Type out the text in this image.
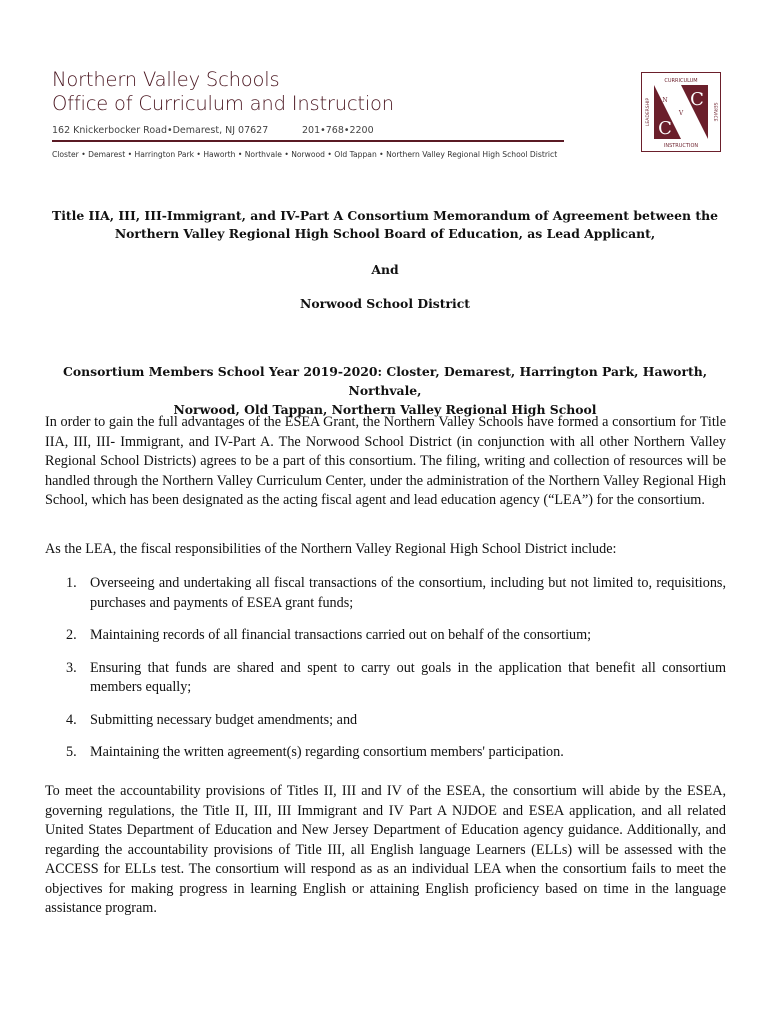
Northern Valley Schools
Office of Curriculum and Instruction
162 Knickerbocker Road•Demarest, NJ 07627	201•768•2200
Closter • Demarest • Harrington Park • Haworth • Northvale • Norwood • Old Tappan • Northern Valley Regional High School District
CURRICULUM
INSTRUCTION
LEADERSHIP	SERVICE
N C
V
C	S
Title IIA, III, III-Immigrant, and IV-Part A Consortium Memorandum of Agreement between the
Northern Valley Regional High School Board of Education, as Lead Applicant,
And
Norwood School District
Consortium Members School Year 2019-2020: Closter, Demarest, Harrington Park, Haworth, Northvale,
Norwood, Old Tappan, Northern Valley Regional High School

In order to gain the full advantages of the ESEA Grant, the Northern Valley Schools have formed a consortium for Title IIA, III, III- Immigrant, and IV-Part A. The Norwood School District (in conjunction with all other Northern Valley Regional School Districts) agrees to be a part of this consortium. The filing, writing and collection of resources will be handled through the Northern Valley Curriculum Center, under the administration of the Northern Valley Regional High School, which has been designated as the acting fiscal agent and lead education agency (“LEA”) for the consortium.

As the LEA, the fiscal responsibilities of the Northern Valley Regional High School District include:

1. Overseeing and undertaking all fiscal transactions of the consortium, including but not limited to, requisitions, purchases and payments of ESEA grant funds;
2. Maintaining records of all financial transactions carried out on behalf of the consortium;
3. Ensuring that funds are shared and spent to carry out goals in the application that benefit all consortium members equally;
4. Submitting necessary budget amendments; and
5. Maintaining the written agreement(s) regarding consortium members' participation.

To meet the accountability provisions of Titles II, III and IV of the ESEA, the consortium will abide by the ESEA, governing regulations, the Title II, III, III Immigrant and IV Part A NJDOE and ESEA application, and all related United States Department of Education and New Jersey Department of Education agency guidance. Additionally, and regarding the accountability provisions of Title III, all English language Learners (ELLs) will be assessed with the ACCESS for ELLs test. The consortium will respond as as an individual LEA when the consortium fails to meet the objectives for making progress in learning English or attaining English proficiency based on time in the language assistance program.
